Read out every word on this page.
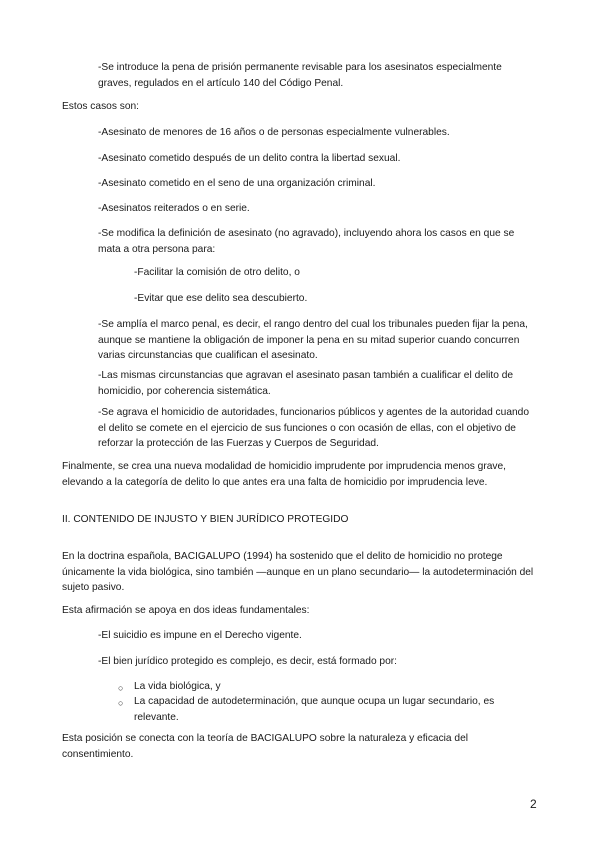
-Se introduce la pena de prisión permanente revisable para los asesinatos especialmente graves, regulados en el artículo 140 del Código Penal.

Estos casos son:

-Asesinato de menores de 16 años o de personas especialmente vulnerables.

-Asesinato cometido después de un delito contra la libertad sexual.

-Asesinato cometido en el seno de una organización criminal.

-Asesinatos reiterados o en serie.

-Se modifica la definición de asesinato (no agravado), incluyendo ahora los casos en que se mata a otra persona para:

-Facilitar la comisión de otro delito, o

-Evitar que ese delito sea descubierto.

-Se amplía el marco penal, es decir, el rango dentro del cual los tribunales pueden fijar la pena, aunque se mantiene la obligación de imponer la pena en su mitad superior cuando concurren varias circunstancias que cualifican el asesinato.

-Las mismas circunstancias que agravan el asesinato pasan también a cualificar el delito de homicidio, por coherencia sistemática.

-Se agrava el homicidio de autoridades, funcionarios públicos y agentes de la autoridad cuando el delito se comete en el ejercicio de sus funciones o con ocasión de ellas, con el objetivo de reforzar la protección de las Fuerzas y Cuerpos de Seguridad.

Finalmente, se crea una nueva modalidad de homicidio imprudente por imprudencia menos grave, elevando a la categoría de delito lo que antes era una falta de homicidio por imprudencia leve.

II. CONTENIDO DE INJUSTO Y BIEN JURÍDICO PROTEGIDO

En la doctrina española, BACIGALUPO (1994) ha sostenido que el delito de homicidio no protege únicamente la vida biológica, sino también —aunque en un plano secundario— la autodeterminación del sujeto pasivo.

Esta afirmación se apoya en dos ideas fundamentales:

-El suicidio es impune en el Derecho vigente.

-El bien jurídico protegido es complejo, es decir, está formado por:

○ La vida biológica, y

○ La capacidad de autodeterminación, que aunque ocupa un lugar secundario, es relevante.

Esta posición se conecta con la teoría de BACIGALUPO sobre la naturaleza y eficacia del consentimiento.

2
